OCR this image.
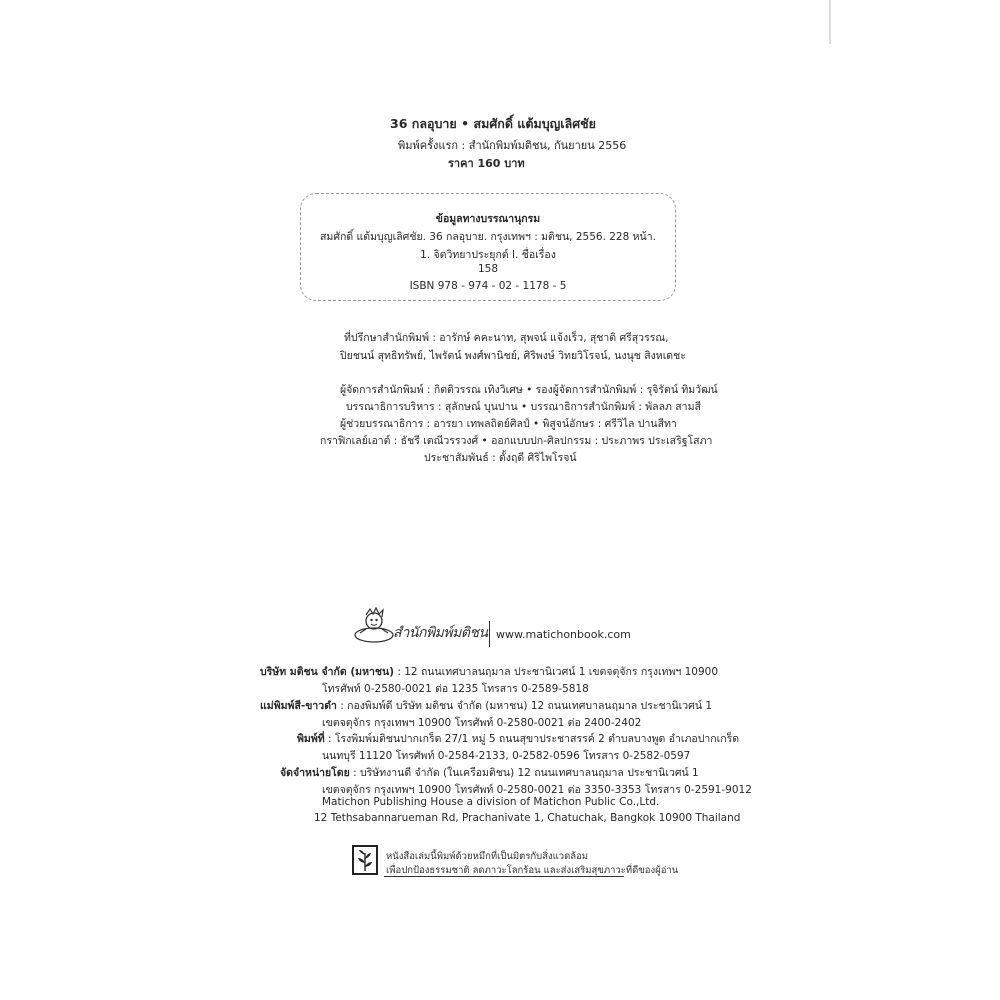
36 กลอุบาย • สมศักดิ์ แต้มบุญเลิศชัย
พิมพ์ครั้งแรก : สำนักพิมพ์มติชน, กันยายน 2556
ราคา 160 บาท
ข้อมูลทางบรรณานุกรม
สมศักดิ์ แต้มบุญเลิศชัย. 36 กลอุบาย. กรุงเทพฯ : มติชน, 2556. 228 หน้า.
1. จิตวิทยาประยุกต์ I. ชื่อเรื่อง
158
ISBN 978 - 974 - 02 - 1178 - 5
ที่ปรึกษาสำนักพิมพ์ : อารักษ์ คคะนาท, สุพจน์ แจ้งเร็ว, สุชาติ ศรีสุวรรณ,
ปิยชนน์ สุทธิทรัพย์, ไพรัตน์ พงศ์พานิชย์, ศิริพงษ์ วิทยวิโรจน์, นงนุช สิงหเดชะ
ผู้จัดการสำนักพิมพ์ : กิตติวรรณ เทิงวิเศษ • รองผู้จัดการสำนักพิมพ์ : รุจิรัตน์ ทิมวัฒน์
บรรณาธิการบริหาร : สุลักษณ์ บุนปาน • บรรณาธิการสำนักพิมพ์ : พัลลภ สามสี
ผู้ช่วยบรรณาธิการ : อารยา เทพลถิตย์ศิลป์ • พิสูจน์อักษร : ศรีวิไล ปานสีทา
กราฟิกเลย์เอาต์ : ธัชรี เตณีวรรวงศ์ • ออกแบบปก-ศิลปกรรม : ประภาพร ประเสริฐโสภา
ประชาสัมพันธ์ : ตั้งฤดี ศิริไพโรจน์
สำนักพิมพ์มติชน www.matichonbook.com
บริษัท มติชน จำกัด (มหาชน) : 12 ถนนเทศบาลนฤมาล ประชานิเวศน์ 1 เขตจตุจักร กรุงเทพฯ 10900
โทรศัพท์ 0-2580-0021 ต่อ 1235 โทรสาร 0-2589-5818
แม่พิมพ์สี-ขาวดำ : กองพิมพ์ดี บริษัท มติชน จำกัด (มหาชน) 12 ถนนเทศบาลนฤมาล ประชานิเวศน์ 1
เขตจตุจักร กรุงเทพฯ 10900 โทรศัพท์ 0-2580-0021 ต่อ 2400-2402
พิมพ์ที่ : โรงพิมพ์มติชนปากเกร็ด 27/1 หมู่ 5 ถนนสุขาประชาสรรค์ 2 ตำบลบางพูด อำเภอปากเกร็ด
นนทบุรี 11120 โทรศัพท์ 0-2584-2133, 0-2582-0596 โทรสาร 0-2582-0597
จัดจำหน่ายโดย : บริษัทงานดี จำกัด (ในเครือมติชน) 12 ถนนเทศบาลนฤมาล ประชานิเวศน์ 1
เขตจตุจักร กรุงเทพฯ 10900 โทรศัพท์ 0-2580-0021 ต่อ 3350-3353 โทรสาร 0-2591-9012
Matichon Publishing House a division of Matichon Public Co.,Ltd.
12 Tethsabannarueman Rd, Prachanivate 1, Chatuchak, Bangkok 10900 Thailand
หนังสือเล่มนี้พิมพ์ด้วยหมึกที่เป็นมิตรกับสิ่งแวดล้อม
เพื่อปกป้องธรรมชาติ ลดภาวะโลกร้อน และส่งเสริมสุขภาวะที่ดีของผู้อ่าน
